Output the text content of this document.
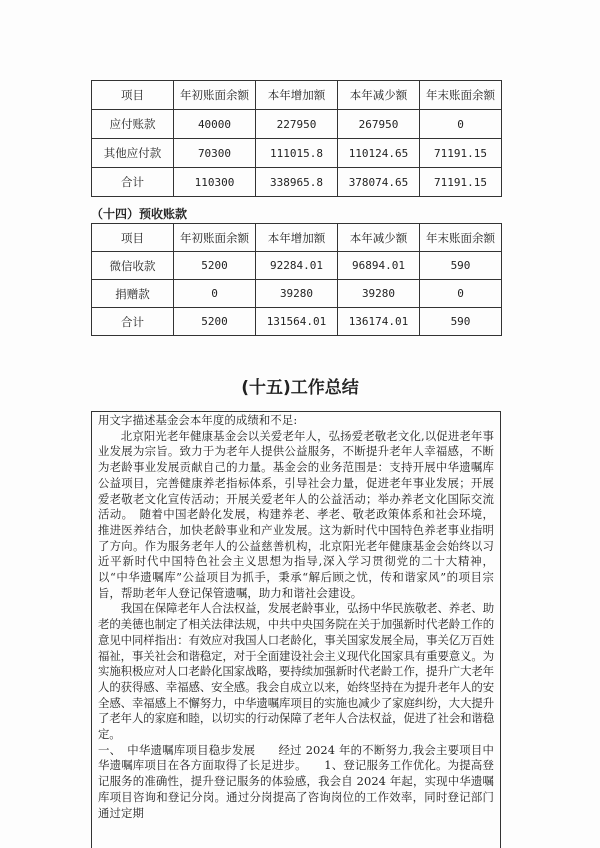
项目	年初账面余额	本年增加额	本年减少额	年末账面余额
应付账款	40000	227950	267950	0
其他应付款	70300	111015.8	110124.65	71191.15
合计	110300	338965.8	378074.65	71191.15
（十四）预收账款
项目	年初账面余额	本年增加额	本年减少额	年末账面余额
微信收款	5200	92284.01	96894.01	590
捐赠款	0	39280	39280	0
合计	5200	131564.01	136174.01	590
(十五)工作总结

用文字描述基金会本年度的成绩和不足:

北京阳光老年健康基金会以关爱老年人，弘扬爱老敬老文化,以促进老年事业发展为宗旨。致力于为老年人提供公益服务，不断提升老年人幸福感，不断为老龄事业发展贡献自己的力量。基金会的业务范围是：支持开展中华遗嘱库公益项目，完善健康养老指标体系，引导社会力量，促进老年事业发展；开展爱老敬老文化宣传活动；开展关爱老年人的公益活动；举办养老文化国际交流活动。　随着中国老龄化发展，构建养老、孝老、敬老政策体系和社会环境，推进医养结合，加快老龄事业和产业发展。这为新时代中国特色养老事业指明了方向。作为服务老年人的公益慈善机构，北京阳光老年健康基金会始终以习近平新时代中国特色社会主义思想为指导,深入学习贯彻党的二十大精神，以“中华遗嘱库”公益项目为抓手，秉承“解后顾之忧，传和谐家风”的项目宗旨，帮助老年人登记保管遗嘱，助力和谐社会建设。

我国在保障老年人合法权益，发展老龄事业，弘扬中华民族敬老、养老、助老的美德也制定了相关法律法规，中共中央国务院在关于加强新时代老龄工作的意见中同样指出：有效应对我国人口老龄化，事关国家发展全局，事关亿万百姓福祉，事关社会和谐稳定，对于全面建设社会主义现代化国家具有重要意义。为实施积极应对人口老龄化国家战略，要持续加强新时代老龄工作，提升广大老年人的获得感、幸福感、安全感。我会自成立以来，始终坚持在为提升老年人的安全感、幸福感上不懈努力，中华遗嘱库项目的实施也减少了家庭纠纷，大大提升了老年人的家庭和睦，以切实的行动保障了老年人合法权益，促进了社会和谐稳定。

一、　中华遗嘱库项目稳步发展　　经过 2024 年的不断努力,我会主要项目中华遗嘱库项目在各方面取得了长足进步。　　1、登记服务工作优化。为提高登记服务的准确性，提升登记服务的体验感，我会自 2024 年起，实现中华遗嘱库项目咨询和登记分岗。通过分岗提高了咨询岗位的工作效率，同时登记部门通过定期
